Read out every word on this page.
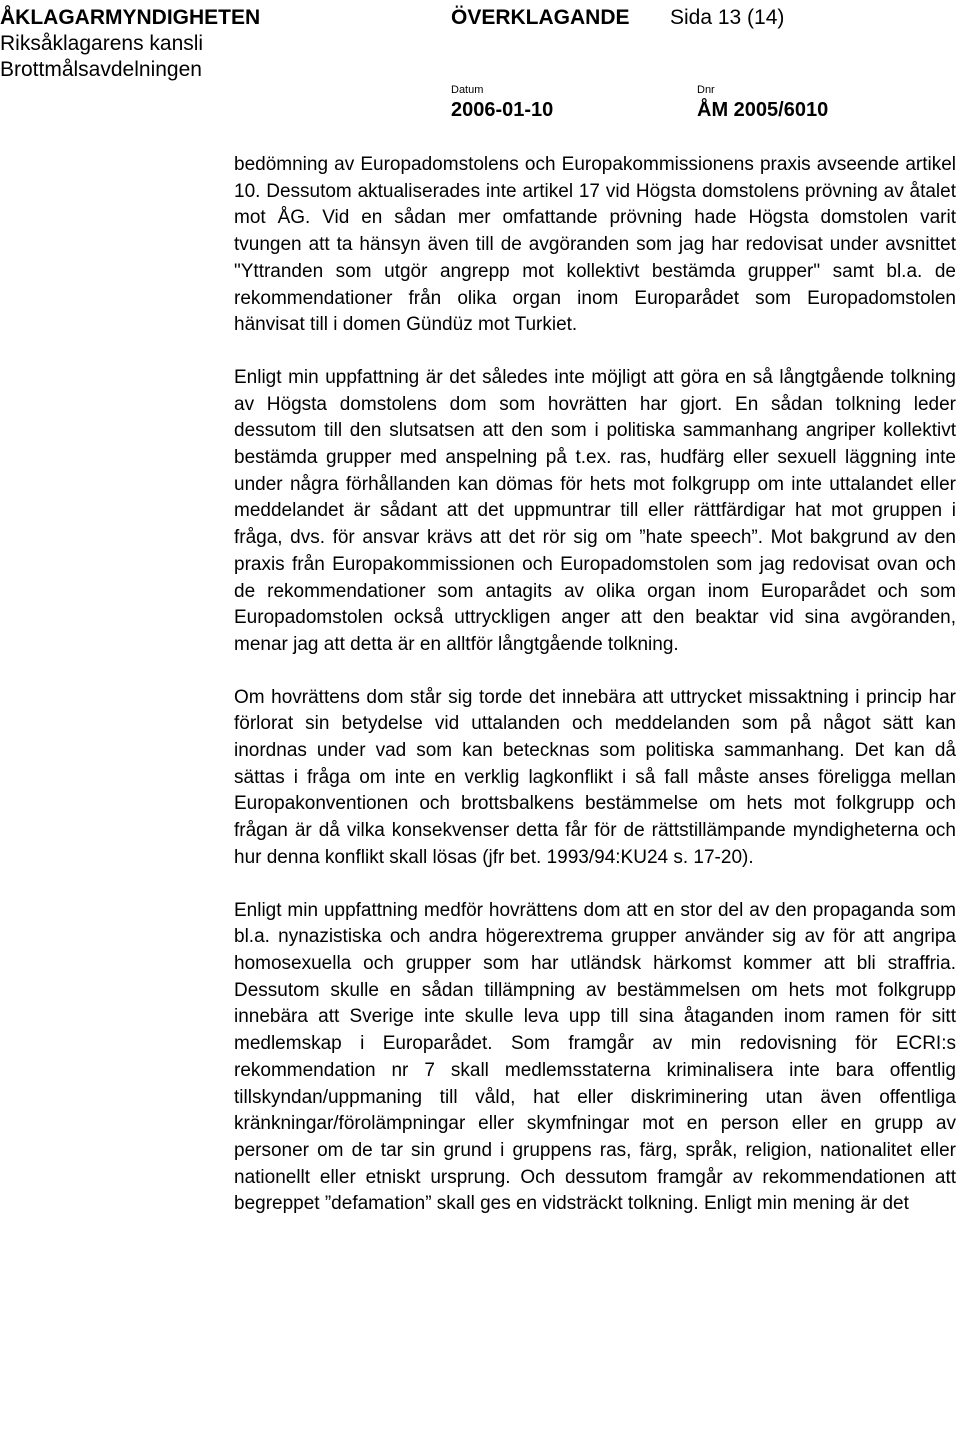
ÅKLAGARMYNDIGHETEN	ÖVERKLAGANDE Sida 13 (14)
Riksåklagarens kansli
Brottmålsavdelningen
Datum	Dnr
2006-01-10	ÅM 2005/6010

bedömning av Europadomstolens och Europakommissionens praxis avseende artikel 10. Dessutom aktualiserades inte artikel 17 vid Högsta domstolens prövning av åtalet mot ÅG. Vid en sådan mer omfattande prövning hade Högsta domstolen varit tvungen att ta hänsyn även till de avgöranden som jag har redovisat under avsnittet "Yttranden som utgör angrepp mot kollektivt bestämda grupper" samt bl.a. de rekommendationer från olika organ inom Europarådet som Europadomstolen hänvisat till i domen Gündüz mot Turkiet.

Enligt min uppfattning är det således inte möjligt att göra en så långtgående tolkning av Högsta domstolens dom som hovrätten har gjort. En sådan tolkning leder dessutom till den slutsatsen att den som i politiska sammanhang angriper kollektivt bestämda grupper med anspelning på t.ex. ras, hudfärg eller sexuell läggning inte under några förhållanden kan dömas för hets mot folkgrupp om inte uttalandet eller meddelandet är sådant att det uppmuntrar till eller rättfärdigar hat mot gruppen i fråga, dvs. för ansvar krävs att det rör sig om ”hate speech”. Mot bakgrund av den praxis från Europakommissionen och Europadomstolen som jag redovisat ovan och de rekommendationer som antagits av olika organ inom Europarådet och som Europadomstolen också uttryckligen anger att den beaktar vid sina avgöranden, menar jag att detta är en alltför långtgående tolkning.

Om hovrättens dom står sig torde det innebära att uttrycket missaktning i princip har förlorat sin betydelse vid uttalanden och meddelanden som på något sätt kan inordnas under vad som kan betecknas som politiska sammanhang. Det kan då sättas i fråga om inte en verklig lagkonflikt i så fall måste anses föreligga mellan Europakonventionen och brottsbalkens bestämmelse om hets mot folkgrupp och frågan är då vilka konsekvenser detta får för de rättstillämpande myndigheterna och hur denna konflikt skall lösas (jfr bet. 1993/94:KU24 s. 17-20).

Enligt min uppfattning medför hovrättens dom att en stor del av den propaganda som bl.a. nynazistiska och andra högerextrema grupper använder sig av för att angripa homosexuella och grupper som har utländsk härkomst kommer att bli straffria. Dessutom skulle en sådan tillämpning av bestämmelsen om hets mot folkgrupp innebära att Sverige inte skulle leva upp till sina åtaganden inom ramen för sitt medlemskap i Europarådet. Som framgår av min redovisning för ECRI:s rekommendation nr 7 skall medlemsstaterna kriminalisera inte bara offentlig tillskyndan/uppmaning till våld, hat eller diskriminering utan även offentliga kränkningar/förolämpningar eller skymfningar mot en person eller en grupp av personer om de tar sin grund i gruppens ras, färg, språk, religion, nationalitet eller nationellt eller etniskt ursprung. Och dessutom framgår av rekommendationen att begreppet ”defamation” skall ges en vidsträckt tolkning. Enligt min mening är det
